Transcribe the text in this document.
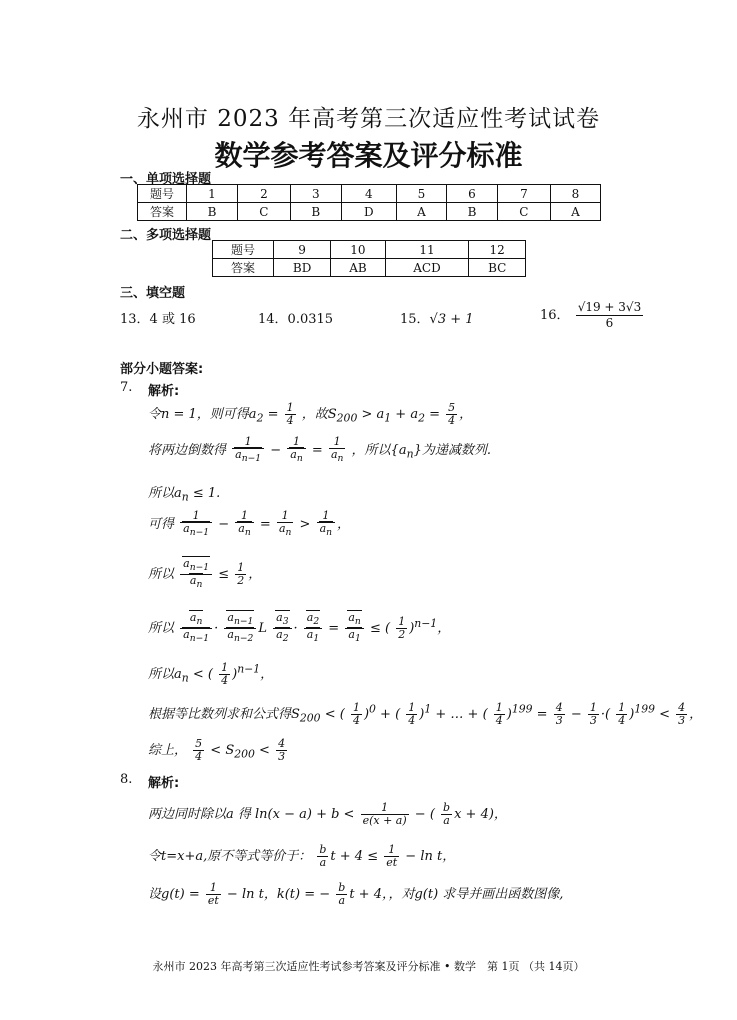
永州市 2023 年高考第三次适应性考试试卷
数学参考答案及评分标准
一、单项选择题
题号	1	2	3	4	5	6	7	8
答案	B	C	B	D	A	B	C	A
二、多项选择题
题号	9	10	11	12
答案	BD	AB	ACD	BC
三、填空题
13．4 或 16	14．0.0315	15．√3 + 1	16． $\frac{√19 + 3√3}{6}$
部分小题答案:
7. 解析:
令n = 1，则可得$a_2 = \frac{1}{4}$ ，故$S_{200} > a_1 + a_2 = \frac{5}{4}$ ，
将两边倒数得 $\frac{1}{a_{n-1}} - \frac{1}{a_n} = \frac{1}{a_n}$ ，所以$\{a_n\}$为递减数列.
所以$a_n \le 1$.
可得 $\frac{1}{a_{n-1}} - \frac{1}{a_n} = \frac{1}{a_n} > \frac{1}{a_n}$ ，
所以 $\frac{a_{n-1}}{a_n} \le \frac{1}{2}$ ，
所以 $\frac{a_n}{a_{n-1}} \cdot \frac{a_{n-1}}{a_{n-2}}$ L $\frac{a_3}{a_2} \cdot \frac{a_2}{a_1} = \frac{a_n}{a_1}$ ≤ ( $\frac{1}{2} )^{n-1}$，
所以$a_n$ < ( $\frac{1}{4} )^{n-1}$，
根据等比数列求和公式得$S_{200}$ < ( $\frac{1}{4} )^0$ + ( $\frac{1}{4} )^1$ + … + ( $\frac{1}{4} )^{199} = \frac{4}{3} - \frac{1}{3}$ ·( $\frac{1}{4} )^{199} < \frac{4}{3}$ ，
综上， $\frac{5}{4} < S_{200} < \frac{4}{3}$
8. 解析:
两边同时除以a 得 $\ln(x - a) + b < \frac{1}{e(x + a)}$ − ( $\frac{b}{a}$ x + 4)，
令t=x+a,原不等式等价于： $\frac{b}{a}$ $t + 4 \le \frac{1}{et} - \ln t$，
设$g(t) = \frac{1}{et} - \ln t$，k(t) = − $\frac{b}{a}$ t + 4，，对g(t) 求导并画出函数图像,
永州市 2023 年高考第三次适应性考试参考答案及评分标准 • 数学　第 1页 （共 14页）
